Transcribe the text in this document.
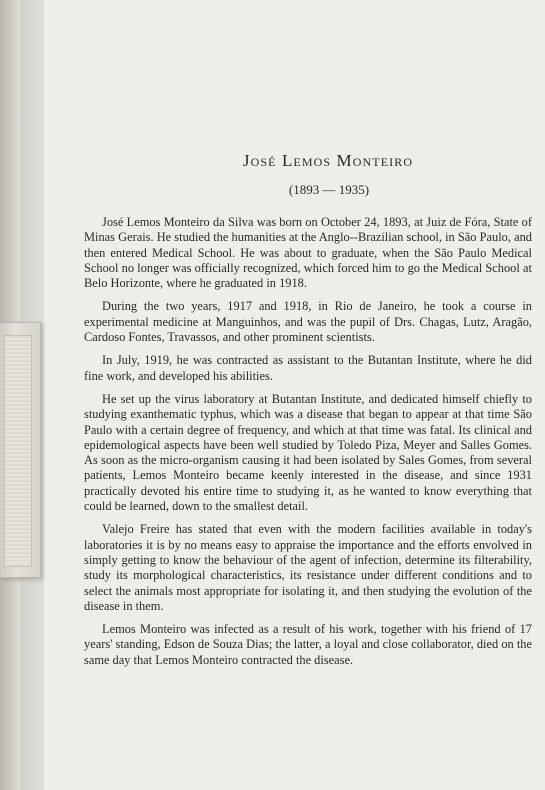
José Lemos Monteiro
(1893 — 1935)

José Lemos Monteiro da Silva was born on October 24, 1893, at Juiz de Fóra, State of Minas Gerais. He studied the humanities at the Anglo--Brazilian school, in São Paulo, and then entered Medical School. He was about to graduate, when the São Paulo Medical School no longer was officially recognized, which forced him to go the Medical School at Belo Horizonte, where he graduated in 1918.

During the two years, 1917 and 1918, in Rio de Janeiro, he took a course in experimental medicine at Manguinhos, and was the pupil of Drs. Chagas, Lutz, Aragão, Cardoso Fontes, Travassos, and other prominent scientists.

In July, 1919, he was contracted as assistant to the Butantan Institute, where he did fine work, and developed his abilities.

He set up the virus laboratory at Butantan Institute, and dedicated himself chiefly to studying exanthematic typhus, which was a disease that began to appear at that time São Paulo with a certain degree of frequency, and which at that time was fatal. Its clinical and epidemological aspects have been well studied by Toledo Piza, Meyer and Salles Gomes. As soon as the micro-organism causing it had been isolated by Sales Gomes, from several patients, Lemos Monteiro became keenly interested in the disease, and since 1931 practically devoted his entire time to studying it, as he wanted to know everything that could be learned, down to the smallest detail.

Valejo Freire has stated that even with the modern facilities available in today's laboratories it is by no means easy to appraise the importance and the efforts envolved in simply getting to know the behaviour of the agent of infection, determine its filterability, study its morphological characteristics, its resistance under different conditions and to select the animals most appropriate for isolating it, and then studying the evolution of the disease in them.

Lemos Monteiro was infected as a result of his work, together with his friend of 17 years' standing, Edson de Souza Dias; the latter, a loyal and close collaborator, died on the same day that Lemos Monteiro contracted the disease.
